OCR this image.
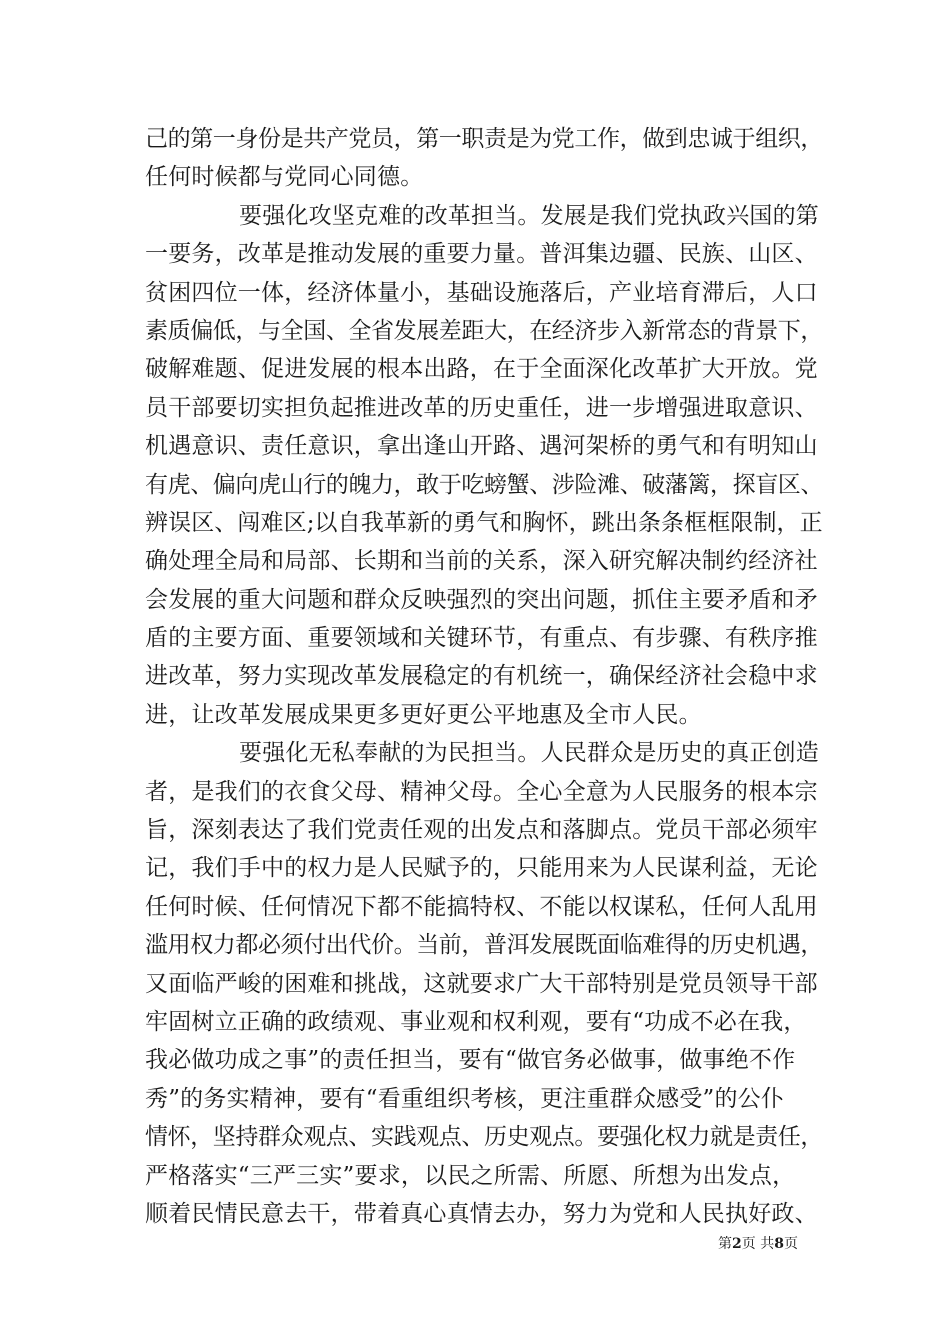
己的第一身份是共产党员，第一职责是为党工作，做到忠诚于组织，
任何时候都与党同心同德。
要强化攻坚克难的改革担当。发展是我们党执政兴国的第
一要务，改革是推动发展的重要力量。普洱集边疆、民族、山区、
贫困四位一体，经济体量小，基础设施落后，产业培育滞后，人口
素质偏低，与全国、全省发展差距大，在经济步入新常态的背景下，
破解难题、促进发展的根本出路，在于全面深化改革扩大开放。党
员干部要切实担负起推进改革的历史重任，进一步增强进取意识、
机遇意识、责任意识，拿出逢山开路、遇河架桥的勇气和有明知山
有虎、偏向虎山行的魄力，敢于吃螃蟹、涉险滩、破藩篱，探盲区、
辨误区、闯难区;以自我革新的勇气和胸怀，跳出条条框框限制，正
确处理全局和局部、长期和当前的关系，深入研究解决制约经济社
会发展的重大问题和群众反映强烈的突出问题，抓住主要矛盾和矛
盾的主要方面、重要领域和关键环节，有重点、有步骤、有秩序推
进改革，努力实现改革发展稳定的有机统一，确保经济社会稳中求
进，让改革发展成果更多更好更公平地惠及全市人民。
要强化无私奉献的为民担当。人民群众是历史的真正创造
者，是我们的衣食父母、精神父母。全心全意为人民服务的根本宗
旨，深刻表达了我们党责任观的出发点和落脚点。党员干部必须牢
记，我们手中的权力是人民赋予的，只能用来为人民谋利益，无论
任何时候、任何情况下都不能搞特权、不能以权谋私，任何人乱用
滥用权力都必须付出代价。当前，普洱发展既面临难得的历史机遇，
又面临严峻的困难和挑战，这就要求广大干部特别是党员领导干部
牢固树立正确的政绩观、事业观和权利观，要有“功成不必在我，
我必做功成之事”的责任担当，要有“做官务必做事，做事绝不作
秀”的务实精神，要有“看重组织考核，更注重群众感受”的公仆
情怀，坚持群众观点、实践观点、历史观点。要强化权力就是责任，
严格落实“三严三实”要求，以民之所需、所愿、所想为出发点，
顺着民情民意去干，带着真心真情去办，努力为党和人民执好政、
第2页 共8页
